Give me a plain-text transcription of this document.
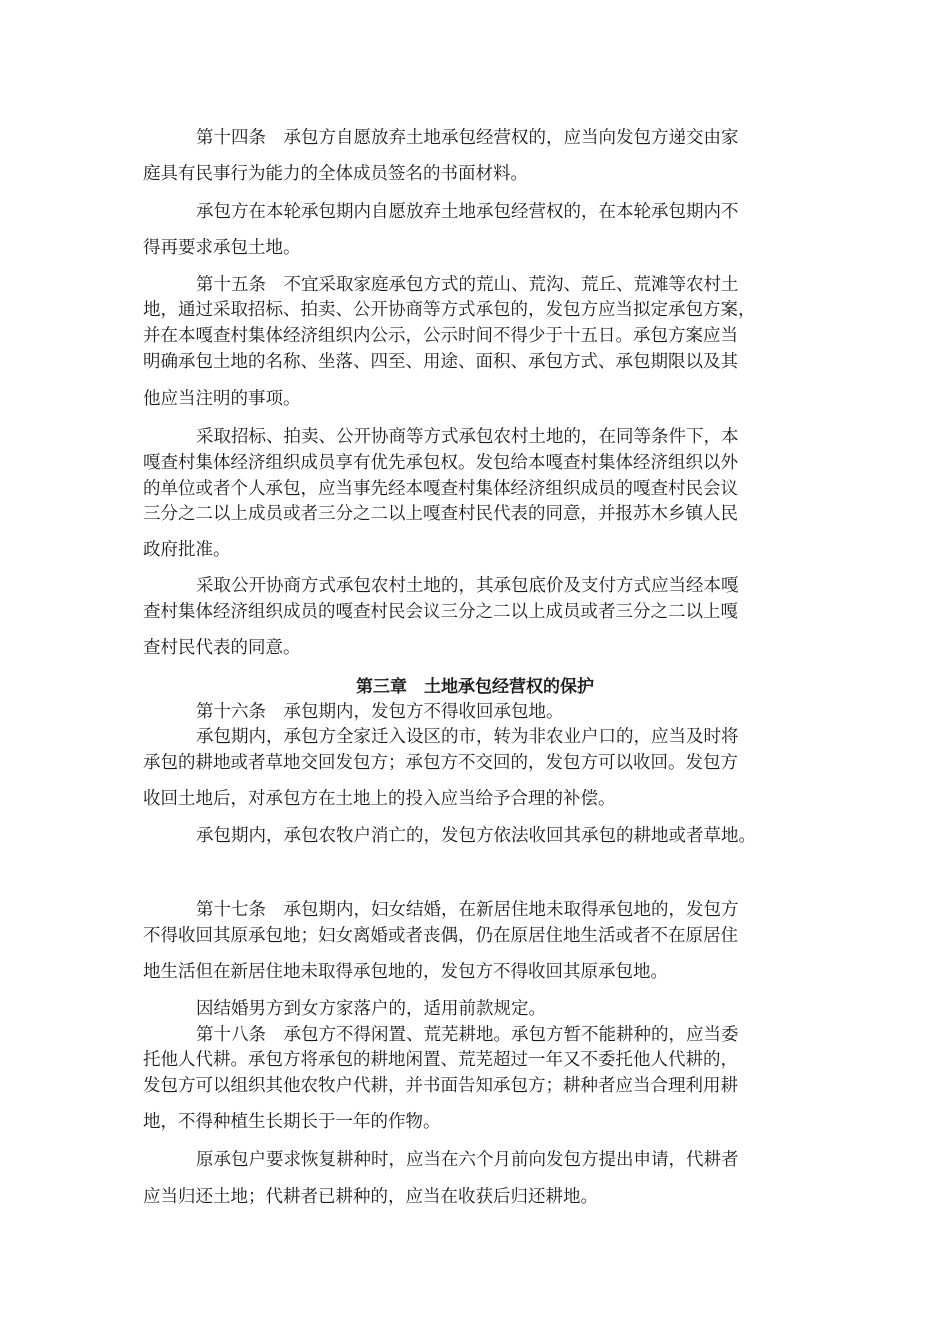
第十四条　承包方自愿放弃土地承包经营权的，应当向发包方递交由家
庭具有民事行为能力的全体成员签名的书面材料。
承包方在本轮承包期内自愿放弃土地承包经营权的，在本轮承包期内不
得再要求承包土地。
第十五条　不宜采取家庭承包方式的荒山、荒沟、荒丘、荒滩等农村土
地，通过采取招标、拍卖、公开协商等方式承包的，发包方应当拟定承包方案，
并在本嘎查村集体经济组织内公示，公示时间不得少于十五日。承包方案应当
明确承包土地的名称、坐落、四至、用途、面积、承包方式、承包期限以及其
他应当注明的事项。
采取招标、拍卖、公开协商等方式承包农村土地的，在同等条件下，本
嘎查村集体经济组织成员享有优先承包权。发包给本嘎查村集体经济组织以外
的单位或者个人承包，应当事先经本嘎查村集体经济组织成员的嘎查村民会议
三分之二以上成员或者三分之二以上嘎查村民代表的同意，并报苏木乡镇人民
政府批准。
采取公开协商方式承包农村土地的，其承包底价及支付方式应当经本嘎
查村集体经济组织成员的嘎查村民会议三分之二以上成员或者三分之二以上嘎
查村民代表的同意。
第三章　土地承包经营权的保护
第十六条　承包期内，发包方不得收回承包地。
承包期内，承包方全家迁入设区的市，转为非农业户口的，应当及时将
承包的耕地或者草地交回发包方；承包方不交回的，发包方可以收回。发包方
收回土地后，对承包方在土地上的投入应当给予合理的补偿。
承包期内，承包农牧户消亡的，发包方依法收回其承包的耕地或者草地。
第十七条　承包期内，妇女结婚，在新居住地未取得承包地的，发包方
不得收回其原承包地；妇女离婚或者丧偶，仍在原居住地生活或者不在原居住
地生活但在新居住地未取得承包地的，发包方不得收回其原承包地。
因结婚男方到女方家落户的，适用前款规定。
第十八条　承包方不得闲置、荒芜耕地。承包方暂不能耕种的，应当委
托他人代耕。承包方将承包的耕地闲置、荒芜超过一年又不委托他人代耕的，
发包方可以组织其他农牧户代耕，并书面告知承包方；耕种者应当合理利用耕
地，不得种植生长期长于一年的作物。
原承包户要求恢复耕种时，应当在六个月前向发包方提出申请，代耕者
应当归还土地；代耕者已耕种的，应当在收获后归还耕地。
